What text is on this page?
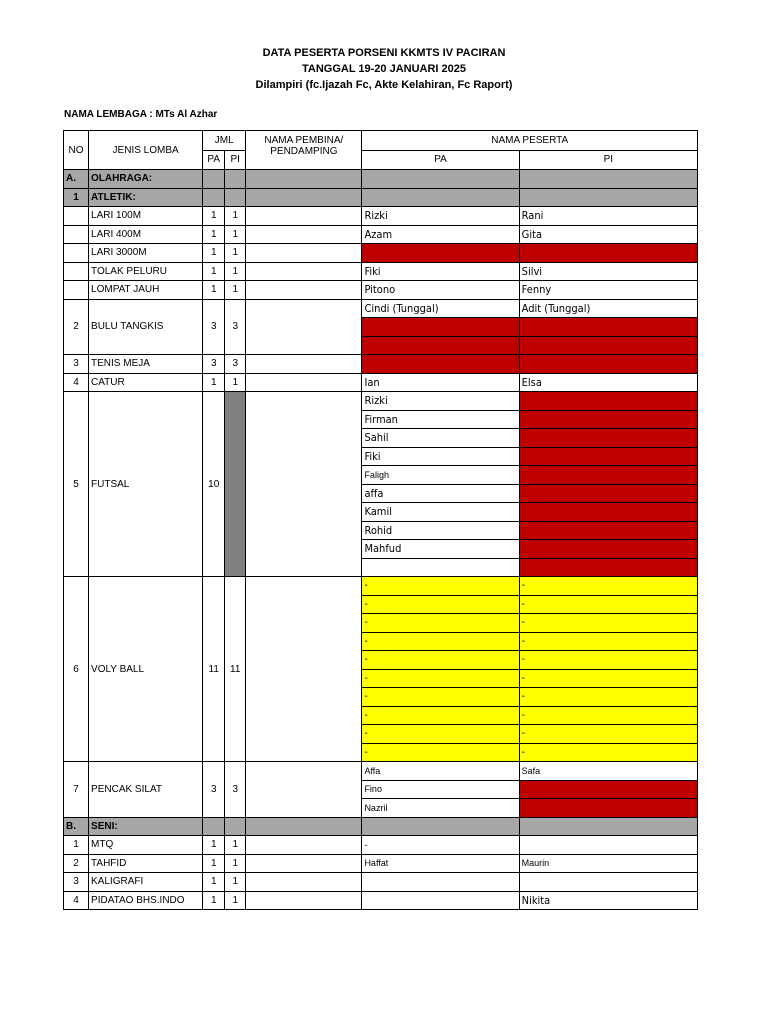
DATA PESERTA PORSENI KKMTS IV PACIRAN
TANGGAL 19-20 JANUARI 2025
Dilampiri (fc.Ijazah Fc, Akte Kelahiran, Fc Raport)
NAMA LEMBAGA : MTs Al Azhar
NO	JENIS LOMBA	JML		NAMA PEMBINA/ PENDAMPING	NAMA PESERTA	
		PA	PI		PA	PI
A.	OLAHRAGA:					
1	ATLETIK:					
	LARI 100M	1	1		Rizki	Rani
	LARI 400M	1	1		Azam	Gita
	LARI 3000M	1	1		-	-
	TOLAK PELURU	1	1		Fiki	Silvi
	LOMPAT JAUH	1	1		Pitono	Fenny
2	BULU TANGKIS	3	3		Cindi (Tunggal)	Adit (Tunggal)
					-	-
					-	-
3	TENIS MEJA	3	3		-	-
4	CATUR	1	1		Ian	Elsa
5	FUTSAL	10			Rizki	-
					Firman	-
					Sahil	-
					Fiki	-
					Faligh	-
					affa	-
					Kamil	-
					Rohid	-
					Mahfud	-

6	VOLY BALL	11	11		-	-
					-	-
					-	-
					-	-
					-	-
					-	-
					-	-
					-	-
					-	-
					-	-
7	PENCAK SILAT	3	3		Affa	Safa
					Fino	
					Nazril	
B.	SENI:					
1	MTQ	1	1		-	
2	TAHFID	1	1		Haffat	Maurin
3	KALIGRAFI	1	1			
4	PIDATAO BHS.INDO	1	1			Nikita
